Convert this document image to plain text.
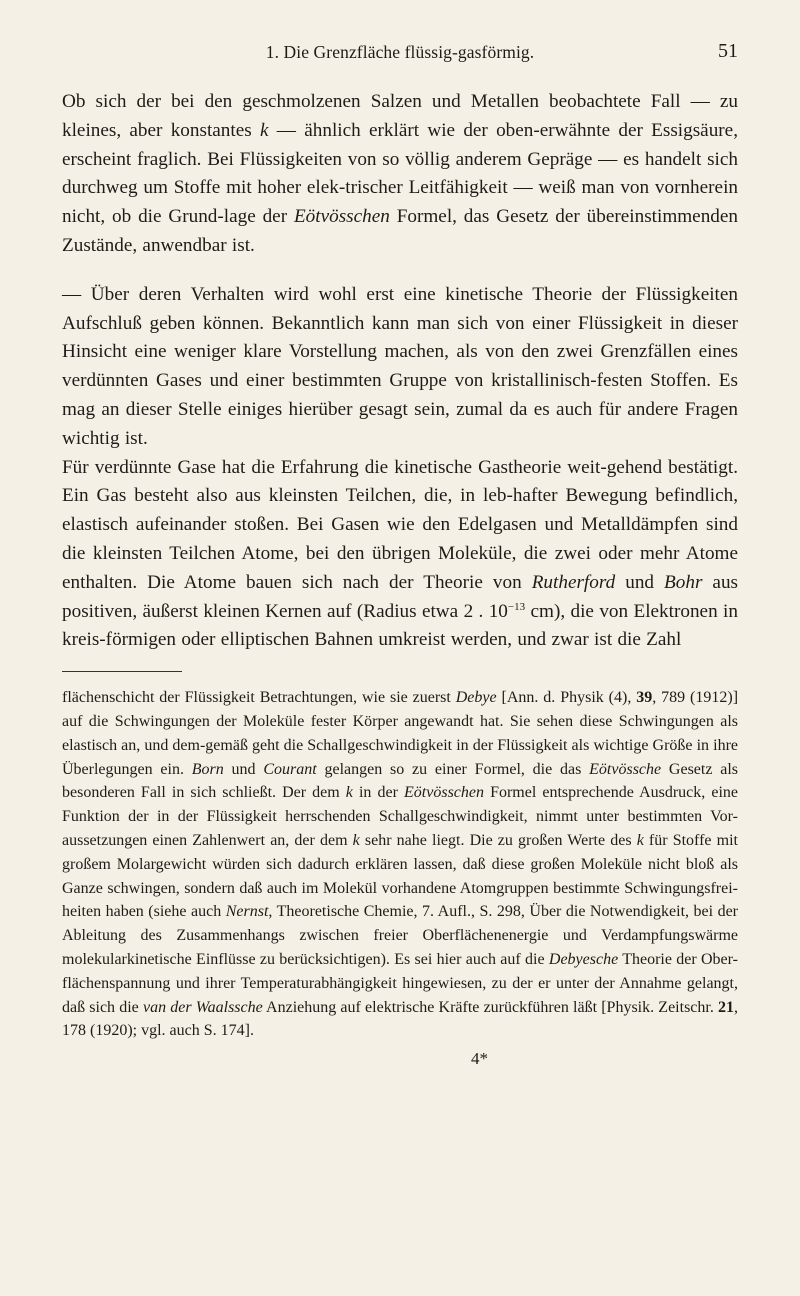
1. Die Grenzfläche flüssig-gasförmig.	51

Ob sich der bei den geschmolzenen Salzen und Metallen beobachtete Fall — zu kleines, aber konstantes k — ähnlich erklärt wie der oben-erwähnte der Essigsäure, erscheint fraglich. Bei Flüssigkeiten von so völlig anderem Gepräge — es handelt sich durchweg um Stoffe mit hoher elek-trischer Leitfähigkeit — weiß man von vornherein nicht, ob die Grund-lage der Eötvösschen Formel, das Gesetz der übereinstimmenden Zustände, anwendbar ist.

— Über deren Verhalten wird wohl erst eine kinetische Theorie der Flüssigkeiten Aufschluß geben können. Bekanntlich kann man sich von einer Flüssigkeit in dieser Hinsicht eine weniger klare Vorstellung machen, als von den zwei Grenzfällen eines verdünnten Gases und einer bestimmten Gruppe von kristallinisch-festen Stoffen. Es mag an dieser Stelle einiges hierüber gesagt sein, zumal da es auch für andere Fragen wichtig ist.

Für verdünnte Gase hat die Erfahrung die kinetische Gastheorie weit-gehend bestätigt. Ein Gas besteht also aus kleinsten Teilchen, die, in leb-hafter Bewegung befindlich, elastisch aufeinander stoßen. Bei Gasen wie den Edelgasen und Metalldämpfen sind die kleinsten Teilchen Atome, bei den übrigen Moleküle, die zwei oder mehr Atome enthalten. Die Atome bauen sich nach der Theorie von Rutherford und Bohr aus positiven, äußerst kleinen Kernen auf (Radius etwa 2 . $10^{-13}$ cm), die von Elektronen in kreis-förmigen oder elliptischen Bahnen umkreist werden, und zwar ist die Zahl

flächenschicht der Flüssigkeit Betrachtungen, wie sie zuerst Debye [Ann. d. Physik (4), 39, 789 (1912)] auf die Schwingungen der Moleküle fester Körper angewandt hat. Sie sehen diese Schwingungen als elastisch an, und dem-gemäß geht die Schallgeschwindigkeit in der Flüssigkeit als wichtige Größe in ihre Überlegungen ein. Born und Courant gelangen so zu einer Formel, die das Eötvössche Gesetz als besonderen Fall in sich schließt. Der dem k in der Eötvösschen Formel entsprechende Ausdruck, eine Funktion der in der Flüssigkeit herrschenden Schallgeschwindigkeit, nimmt unter bestimmten Vor-aussetzungen einen Zahlenwert an, der dem k sehr nahe liegt. Die zu großen Werte des k für Stoffe mit großem Molargewicht würden sich dadurch erklären lassen, daß diese großen Moleküle nicht bloß als Ganze schwingen, sondern daß auch im Molekül vorhandene Atomgruppen bestimmte Schwingungsfrei-heiten haben (siehe auch Nernst, Theoretische Chemie, 7. Aufl., S. 298, Über die Notwendigkeit, bei der Ableitung des Zusammenhangs zwischen freier Oberflächenenergie und Verdampfungswärme molekularkinetische Einflüsse zu berücksichtigen). Es sei hier auch auf die Debyesche Theorie der Ober-flächenspannung und ihrer Temperaturabhängigkeit hingewiesen, zu der er unter der Annahme gelangt, daß sich die van der Waalssche Anziehung auf elektrische Kräfte zurückführen läßt [Physik. Zeitschr. 21, 178 (1920); vgl. auch S. 174].

4*
